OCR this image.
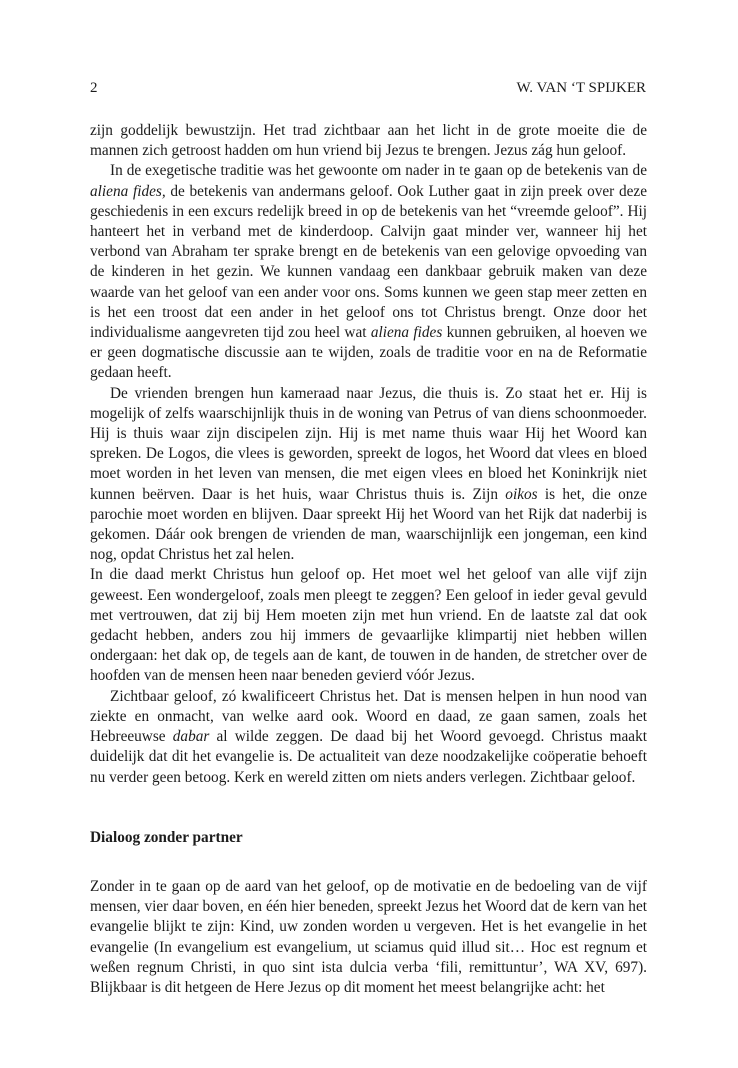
2	W. VAN ‘T SPIJKER

zijn goddelijk bewustzijn. Het trad zichtbaar aan het licht in de grote moeite die de mannen zich getroost hadden om hun vriend bij Jezus te brengen. Jezus zág hun geloof.

In de exegetische traditie was het gewoonte om nader in te gaan op de betekenis van de aliena fides, de betekenis van andermans geloof. Ook Luther gaat in zijn preek over deze geschiedenis in een excurs redelijk breed in op de betekenis van het “vreemde geloof”. Hij hanteert het in verband met de kinderdoop. Calvijn gaat minder ver, wanneer hij het verbond van Abraham ter sprake brengt en de betekenis van een gelovige opvoeding van de kinderen in het gezin. We kunnen vandaag een dankbaar gebruik maken van deze waarde van het geloof van een ander voor ons. Soms kunnen we geen stap meer zetten en is het een troost dat een ander in het geloof ons tot Christus brengt. Onze door het individualisme aangevreten tijd zou heel wat aliena fides kunnen gebruiken, al hoeven we er geen dogmatische discussie aan te wijden, zoals de traditie voor en na de Reformatie gedaan heeft.

De vrienden brengen hun kameraad naar Jezus, die thuis is. Zo staat het er. Hij is mogelijk of zelfs waarschijnlijk thuis in de woning van Petrus of van diens schoonmoeder. Hij is thuis waar zijn discipelen zijn. Hij is met name thuis waar Hij het Woord kan spreken. De Logos, die vlees is geworden, spreekt de logos, het Woord dat vlees en bloed moet worden in het leven van mensen, die met eigen vlees en bloed het Koninkrijk niet kunnen beërven. Daar is het huis, waar Christus thuis is. Zijn oikos is het, die onze parochie moet worden en blijven. Daar spreekt Hij het Woord van het Rijk dat naderbij is gekomen. Dáár ook brengen de vrienden de man, waarschijnlijk een jongeman, een kind nog, opdat Christus het zal helen.

In die daad merkt Christus hun geloof op. Het moet wel het geloof van alle vijf zijn geweest. Een wondergeloof, zoals men pleegt te zeggen? Een geloof in ieder geval gevuld met vertrouwen, dat zij bij Hem moeten zijn met hun vriend. En de laatste zal dat ook gedacht hebben, anders zou hij immers de gevaarlijke klimpartij niet hebben willen ondergaan: het dak op, de tegels aan de kant, de touwen in de handen, de stretcher over de hoofden van de mensen heen naar beneden gevierd vóór Jezus.

Zichtbaar geloof, zó kwalificeert Christus het. Dat is mensen helpen in hun nood van ziekte en onmacht, van welke aard ook. Woord en daad, ze gaan samen, zoals het Hebreeuwse dabar al wilde zeggen. De daad bij het Woord gevoegd. Christus maakt duidelijk dat dit het evangelie is. De actualiteit van deze noodzakelijke coöperatie behoeft nu verder geen betoog. Kerk en wereld zitten om niets anders verlegen. Zichtbaar geloof.

Dialoog zonder partner

Zonder in te gaan op de aard van het geloof, op de motivatie en de bedoeling van de vijf mensen, vier daar boven, en één hier beneden, spreekt Jezus het Woord dat de kern van het evangelie blijkt te zijn: Kind, uw zonden worden u vergeven. Het is het evangelie in het evangelie (In evangelium est evangelium, ut sciamus quid illud sit… Hoc est regnum et weßen regnum Christi, in quo sint ista dulcia verba ‘fili, remittuntur’, WA XV, 697). Blijkbaar is dit hetgeen de Here Jezus op dit moment het meest belangrijke acht: het
